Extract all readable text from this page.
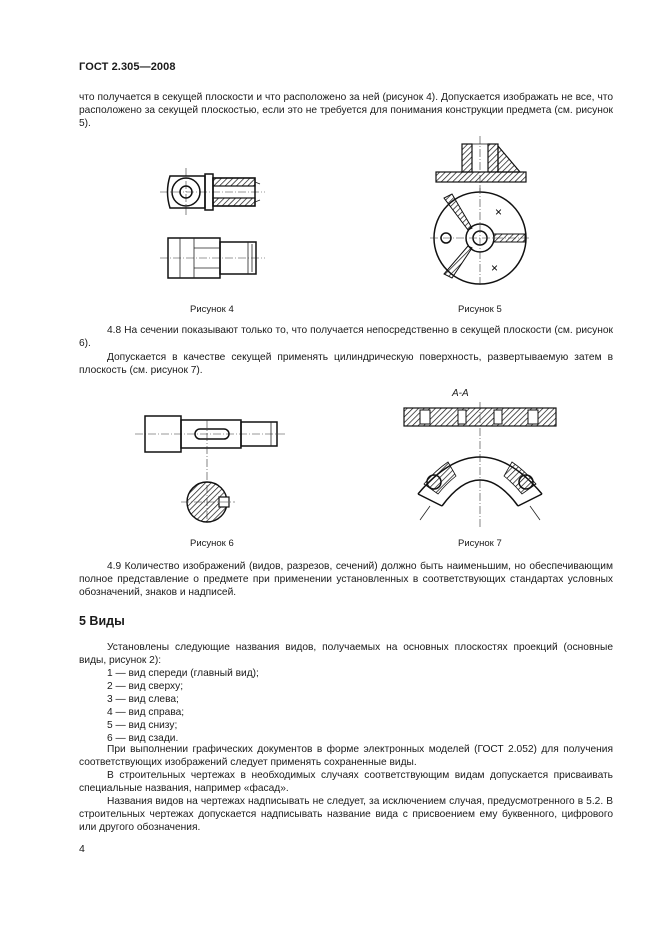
ГОСТ 2.305—2008
что получается в секущей плоскости и что расположено за ней (рисунок 4). Допускается изображать не все, что расположено за секущей плоскостью, если это не требуется для понимания конструкции предмета (см. рисунок 5).
Рисунок 4
×
×
Рисунок 5
4.8 На сечении показывают только то, что получается непосредственно в секущей плоскости (см. рисунок 6).
Допускается в качестве секущей применять цилиндрическую поверхность, развертываемую затем в плоскость (см. рисунок 7).
Рисунок 6
А-А
Рисунок 7
4.9 Количество изображений (видов, разрезов, сечений) должно быть наименьшим, но обеспечивающим полное представление о предмете при применении установленных в соответствующих стандартах условных обозначений, знаков и надписей.
5 Виды
Установлены следующие названия видов, получаемых на основных плоскостях проекций (основные виды, рисунок 2):
1 — вид спереди (главный вид);
2 — вид сверху;
3 — вид слева;
4 — вид справа;
5 — вид снизу;
6 — вид сзади.
При выполнении графических документов в форме электронных моделей (ГОСТ 2.052) для получения соответствующих изображений следует применять сохраненные виды.
В строительных чертежах в необходимых случаях соответствующим видам допускается присваивать специальные названия, например «фасад».
Названия видов на чертежах надписывать не следует, за исключением случая, предусмотренного в 5.2. В строительных чертежах допускается надписывать название вида с присвоением ему буквенного, цифрового или другого обозначения.
4
